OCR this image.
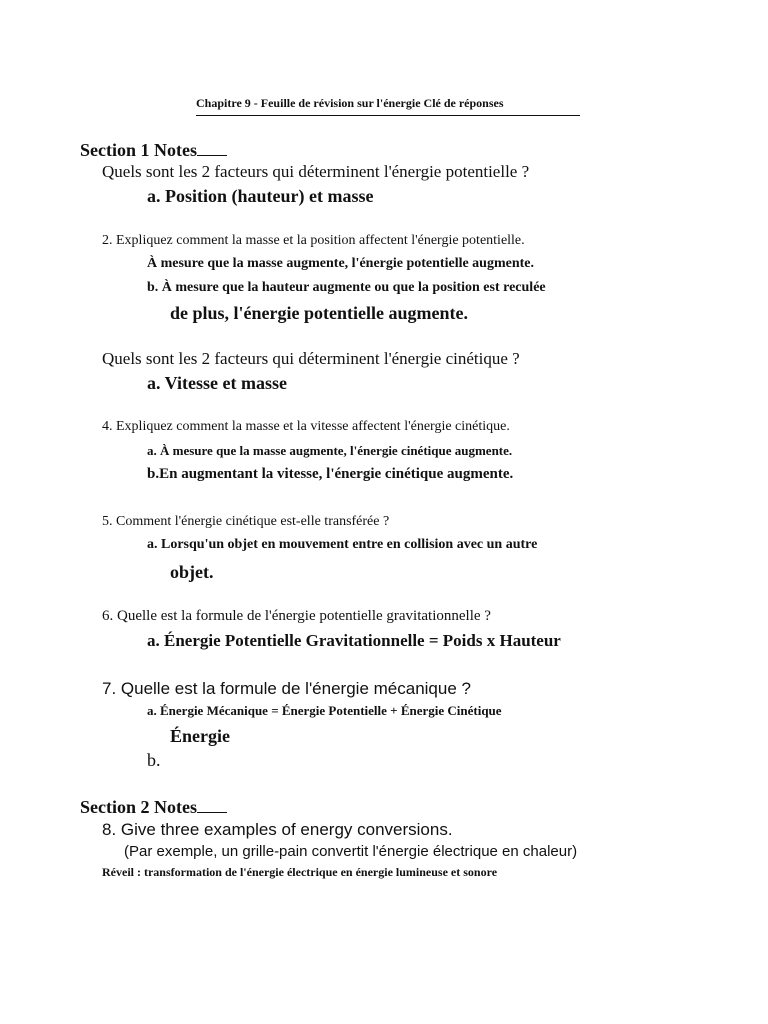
Chapitre 9 - Feuille de révision sur l'énergie Clé de réponses
Section 1 Notes
Quels sont les 2 facteurs qui déterminent l'énergie potentielle ?
a. Position (hauteur) et masse
2. Expliquez comment la masse et la position affectent l'énergie potentielle.
À mesure que la masse augmente, l'énergie potentielle augmente.
b. À mesure que la hauteur augmente ou que la position est reculée
de plus, l'énergie potentielle augmente.
Quels sont les 2 facteurs qui déterminent l'énergie cinétique ?
a. Vitesse et masse
4. Expliquez comment la masse et la vitesse affectent l'énergie cinétique.
a. À mesure que la masse augmente, l'énergie cinétique augmente.
b.En augmentant la vitesse, l'énergie cinétique augmente.
5. Comment l'énergie cinétique est-elle transférée ?
a. Lorsqu'un objet en mouvement entre en collision avec un autre
objet.
6. Quelle est la formule de l'énergie potentielle gravitationnelle ?
a. Énergie Potentielle Gravitationnelle = Poids x Hauteur
7. Quelle est la formule de l'énergie mécanique ?
a. Énergie Mécanique = Énergie Potentielle + Énergie Cinétique
Énergie
b.
Section 2 Notes
8. Give three examples of energy conversions.
(Par exemple, un grille-pain convertit l'énergie électrique en chaleur)
Réveil : transformation de l'énergie électrique en énergie lumineuse et sonore
